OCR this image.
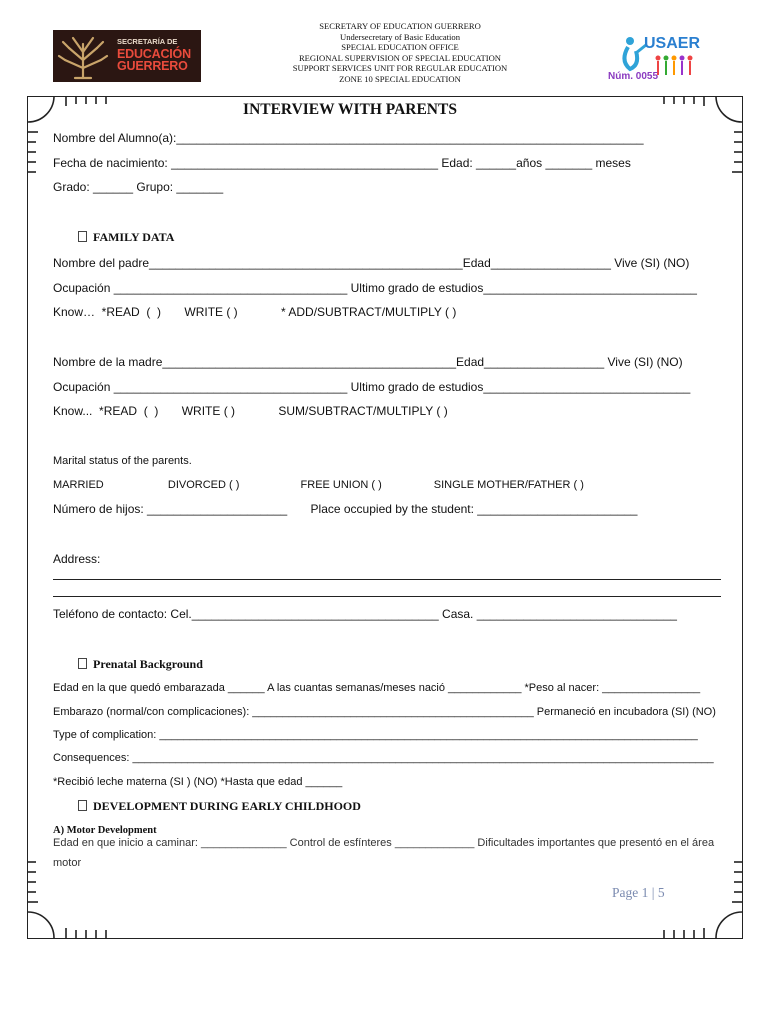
SECRETARÍA DE
EDUCACIÓN
GUERRERO
SECRETARY OF EDUCATION GUERRERO
Undersecretary of Basic Education
SPECIAL EDUCATION OFFICE
REGIONAL SUPERVISION OF SPECIAL EDUCATION
SUPPORT SERVICES UNIT FOR REGULAR EDUCATION
ZONE 10 SPECIAL EDUCATION
USAER
Núm. 0055
INTERVIEW WITH PARENTS
Nombre del Alumno(a):______________________________________________________________________
Fecha de nacimiento: ________________________________________ Edad: ______años _______ meses
Grado: ______ Grupo: _______
FAMILY DATA
Nombre del padre_______________________________________________Edad__________________ Vive (SI) (NO)
Ocupación ___________________________________ Ultimo grado de estudios________________________________
Know…  *READ  (  )       WRITE ( )             * ADD/SUBTRACT/MULTIPLY ( )
Nombre de la madre____________________________________________Edad__________________ Vive (SI) (NO)
Ocupación ___________________________________ Ultimo grado de estudios_______________________________
Know...  *READ  (  )       WRITE ( )             SUM/SUBTRACT/MULTIPLY ( )
Marital status of the parents.
MARRIED                     DIVORCED ( )                    FREE UNION ( )                 SINGLE MOTHER/FATHER ( )
Número de hijos: _____________________       Place occupied by the student: ________________________
Address:
Teléfono de contacto: Cel._____________________________________ Casa. ______________________________
Prenatal Background
Edad en la que quedó embarazada ______ A las cuantas semanas/meses nació ____________ *Peso al nacer: ________________
Embarazo (normal/con complicaciones): ______________________________________________ Permaneció en incubadora (SI) (NO)
Type of complication: ________________________________________________________________________________________
Consequences: _______________________________________________________________________________________________
*Recibió leche materna (SI ) (NO) *Hasta que edad ______
DEVELOPMENT DURING EARLY CHILDHOOD
A) Motor Development
Edad en que inicio a caminar: ______________ Control de esfínteres _____________ Dificultades importantes que presentó en el área
motor
Page 1 | 5
